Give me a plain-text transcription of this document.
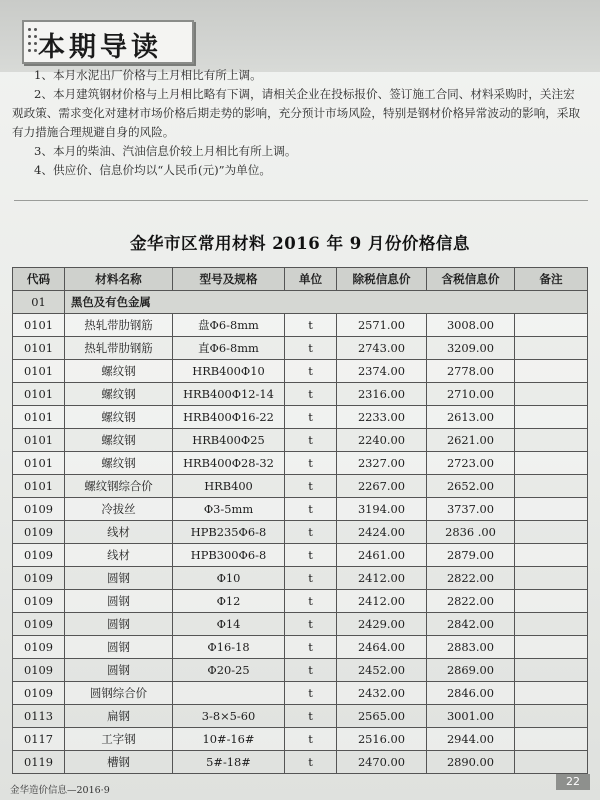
本期导读

1、本月水泥出厂价格与上月相比有所上调。

2、本月建筑钢材价格与上月相比略有下调，请相关企业在投标报价、签订施工合同、材料采购时，关注宏观政策、需求变化对建材市场价格后期走势的影响，充分预计市场风险，特别是钢材价格异常波动的影响，采取有力措施合理规避自身的风险。

3、本月的柴油、汽油信息价较上月相比有所上调。

4、供应价、信息价均以“人民币(元)”为单位。

金华市区常用材料 2016 年 9 月份价格信息
代码	材料名称	型号及规格	单位	除税信息价	含税信息价	备注
01	黑色及有色金属					
0101	热轧带肋钢筋	盘Φ6-8mm	t	2571.00	3008.00	
0101	热轧带肋钢筋	直Φ6-8mm	t	2743.00	3209.00	
0101	螺纹钢	HRB400Φ10	t	2374.00	2778.00	
0101	螺纹钢	HRB400Φ12-14	t	2316.00	2710.00	
0101	螺纹钢	HRB400Φ16-22	t	2233.00	2613.00	
0101	螺纹钢	HRB400Φ25	t	2240.00	2621.00	
0101	螺纹钢	HRB400Φ28-32	t	2327.00	2723.00	
0101	螺纹钢综合价	HRB400	t	2267.00	2652.00	
0109	冷拔丝	Φ3-5mm	t	3194.00	3737.00	
0109	线材	HPB235Φ6-8	t	2424.00	2836 .00	
0109	线材	HPB300Φ6-8	t	2461.00	2879.00	
0109	圆钢	Φ10	t	2412.00	2822.00	
0109	圆钢	Φ12	t	2412.00	2822.00	
0109	圆钢	Φ14	t	2429.00	2842.00	
0109	圆钢	Φ16-18	t	2464.00	2883.00	
0109	圆钢	Φ20-25	t	2452.00	2869.00	
0109	圆钢综合价		t	2432.00	2846.00	
0113	扁钢	3-8×5-60	t	2565.00	3001.00	
0117	工字钢	10#-16#	t	2516.00	2944.00	
0119	槽钢	5#-18#	t	2470.00	2890.00	
金华造价信息—2016·9
22
